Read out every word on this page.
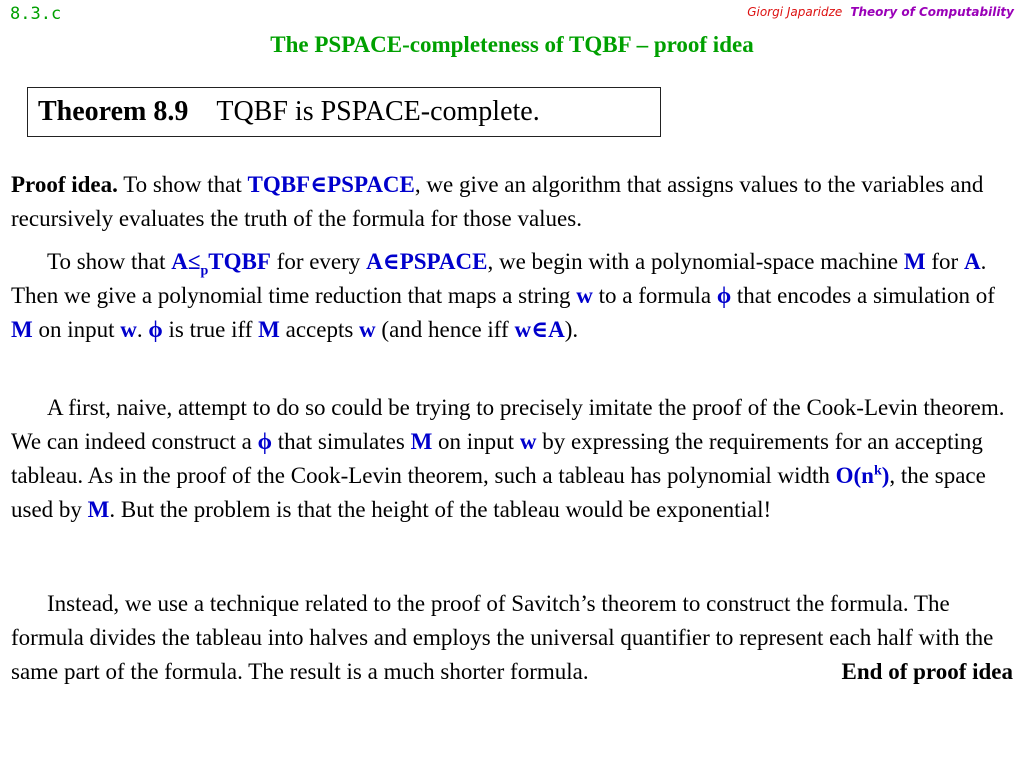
8.3.c	Giorgi Japaridze Theory of Computability
The PSPACE-completeness of TQBF – proof idea
Theorem 8.9 TQBF is PSPACE-complete.

Proof idea. To show that TQBF∈PSPACE, we give an algorithm that assigns values to the variables and recursively evaluates the truth of the formula for those values.

To show that $A\le_pTQBF$ for every A∈PSPACE, we begin with a polynomial-space machine M for A. Then we give a polynomial time reduction that maps a string w to a formula ϕ that encodes a simulation of M on input w. ϕ is true iff M accepts w (and hence iff w∈A).

A first, naive, attempt to do so could be trying to precisely imitate the proof of the Cook-Levin theorem. We can indeed construct a ϕ that simulates M on input w by expressing the requirements for an accepting tableau. As in the proof of the Cook-Levin theorem, such a tableau has polynomial width $O(n^k)$, the space used by M. But the problem is that the height of the tableau would be exponential!

Instead, we use a technique related to the proof of Savitch’s theorem to construct the formula. The formula divides the tableau into halves and employs the universal quantifier to represent each half with the same part of the formula. The result is a much shorter formula.	End of proof idea
